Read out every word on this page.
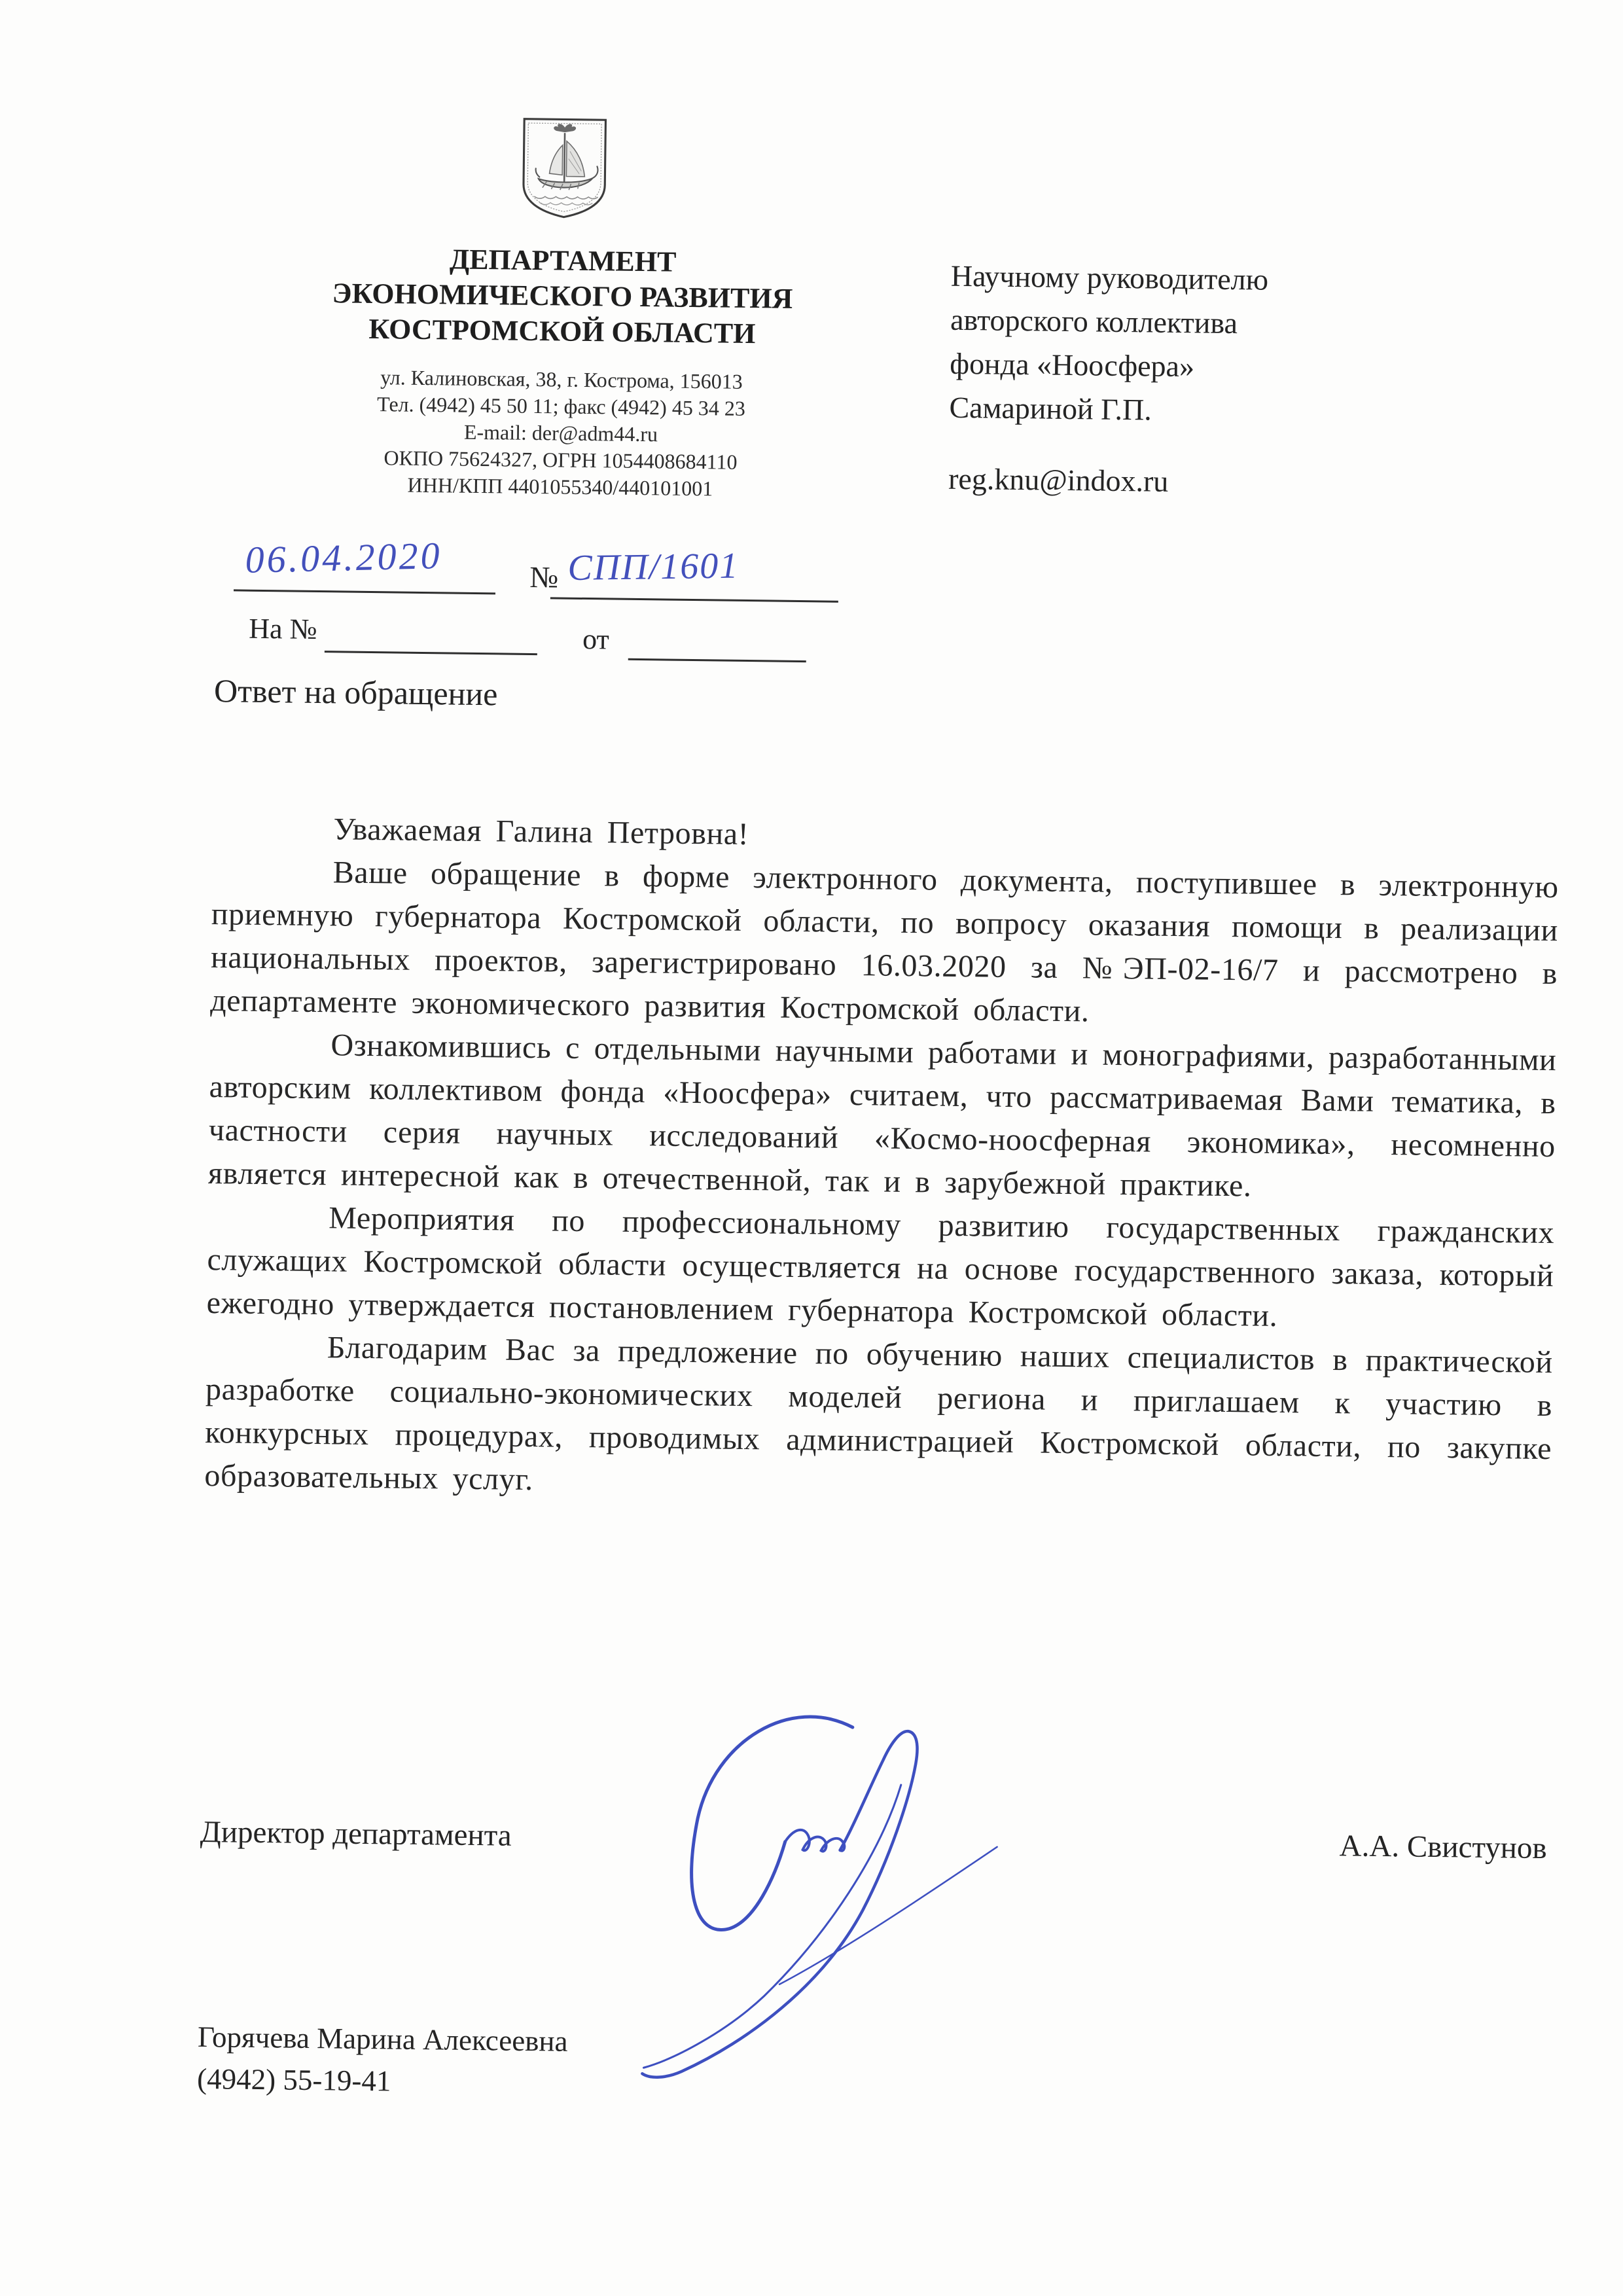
ДЕПАРТАМЕНТ
ЭКОНОМИЧЕСКОГО РАЗВИТИЯ
КОСТРОМСКОЙ ОБЛАСТИ
ул. Калиновская, 38, г. Кострома, 156013
Тел. (4942) 45 50 11; факс (4942) 45 34 23
E-mail: der@adm44.ru
ОКПО 75624327, ОГРН 1054408684110
ИНН/КПП 4401055340/440101001
Научному руководителю
авторского коллектива
фонда «Ноосфера»
Самариной Г.П.
reg.knu@indox.ru
06.04.2020	№ СПП/1601
На №	от
Ответ на обращение

Уважаемая Галина Петровна!

Ваше обращение в форме электронного документа, поступившее в электронную приемную губернатора Костромской области, по вопросу оказания помощи в реализации национальных проектов, зарегистрировано 16.03.2020 за №ЭП-02-16/7 и рассмотрено в департаменте экономического развития Костромской области.

Ознакомившись с отдельными научными работами и монографиями, разработанными авторским коллективом фонда «Ноосфера» считаем, что рассматриваемая Вами тематика, в частности серия научных исследований «Космо-ноосферная экономика», несомненно является интересной как в отечественной, так и в зарубежной практике.

Мероприятия по профессиональному развитию государственных гражданских служащих Костромской области осуществляется на основе государственного заказа, который ежегодно утверждается постановлением губернатора Костромской области.

Благодарим Вас за предложение по обучению наших специалистов в практической разработке социально-экономических моделей региона и приглашаем к участию в конкурсных процедурах, проводимых администрацией Костромской области, по закупке образовательных услуг.

Директор департамента	А.А. Свистунов
Горячева Марина Алексеевна
(4942) 55-19-41
